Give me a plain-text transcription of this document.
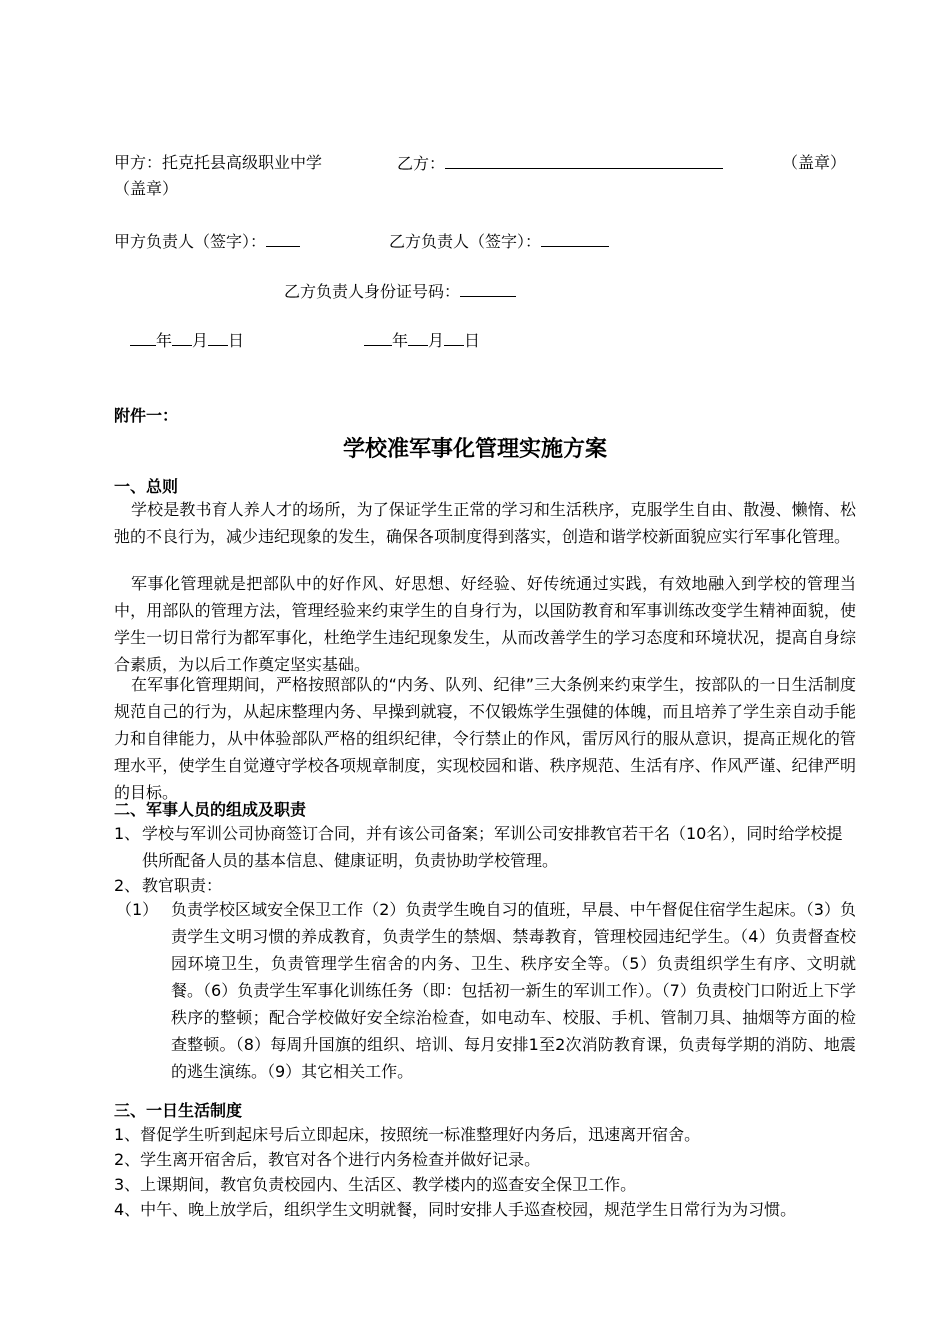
甲方：托克托县高级职业中学	乙方：	（盖章）
（盖章）
甲方负责人（签字）：	乙方负责人（签字）：
乙方负责人身份证号码：
年 月 日	年 月 日
附件一：
学校准军事化管理实施方案
一、总则
学校是教书育人养人才的场所，为了保证学生正常的学习和生活秩序，克服学生自由、散漫、懒惰、松弛的不良行为，减少违纪现象的发生，确保各项制度得到落实，创造和谐学校新面貌应实行军事化管理。
军事化管理就是把部队中的好作风、好思想、好经验、好传统通过实践，有效地融入到学校的管理当中，用部队的管理方法，管理经验来约束学生的自身行为，以国防教育和军事训练改变学生精神面貌，使学生一切日常行为都军事化，杜绝学生违纪现象发生，从而改善学生的学习态度和环境状况，提高自身综合素质，为以后工作奠定坚实基础。
在军事化管理期间，严格按照部队的“内务、队列、纪律”三大条例来约束学生，按部队的一日生活制度规范自己的行为，从起床整理内务、早操到就寝，不仅锻炼学生强健的体魄，而且培养了学生亲自动手能力和自律能力，从中体验部队严格的组织纪律，令行禁止的作风，雷厉风行的服从意识，提高正规化的管理水平，使学生自觉遵守学校各项规章制度，实现校园和谐、秩序规范、生活有序、作风严谨、纪律严明的目标。
二、军事人员的组成及职责
1、 学校与军训公司协商签订合同，并有该公司备案；军训公司安排教官若干名（10名），同时给学校提供所配备人员的基本信息、健康证明，负责协助学校管理。
2、 教官职责：
（1） 负责学校区域安全保卫工作（2）负责学生晚自习的值班，早晨、中午督促住宿学生起床。（3）负责学生文明习惯的养成教育，负责学生的禁烟、禁毒教育，管理校园违纪学生。（4）负责督查校园环境卫生，负责管理学生宿舍的内务、卫生、秩序安全等。（5）负责组织学生有序、文明就餐。（6）负责学生军事化训练任务（即：包括初一新生的军训工作）。（7）负责校门口附近上下学秩序的整顿；配合学校做好安全综治检查，如电动车、校服、手机、管制刀具、抽烟等方面的检查整顿。（8）每周升国旗的组织、培训、每月安排1至2次消防教育课，负责每学期的消防、地震的逃生演练。（9）其它相关工作。
三、一日生活制度
1、督促学生听到起床号后立即起床，按照统一标准整理好内务后，迅速离开宿舍。
2、学生离开宿舍后，教官对各个进行内务检查并做好记录。
3、上课期间，教官负责校园内、生活区、教学楼内的巡查安全保卫工作。
4、中午、晚上放学后，组织学生文明就餐，同时安排人手巡查校园，规范学生日常行为为习惯。
